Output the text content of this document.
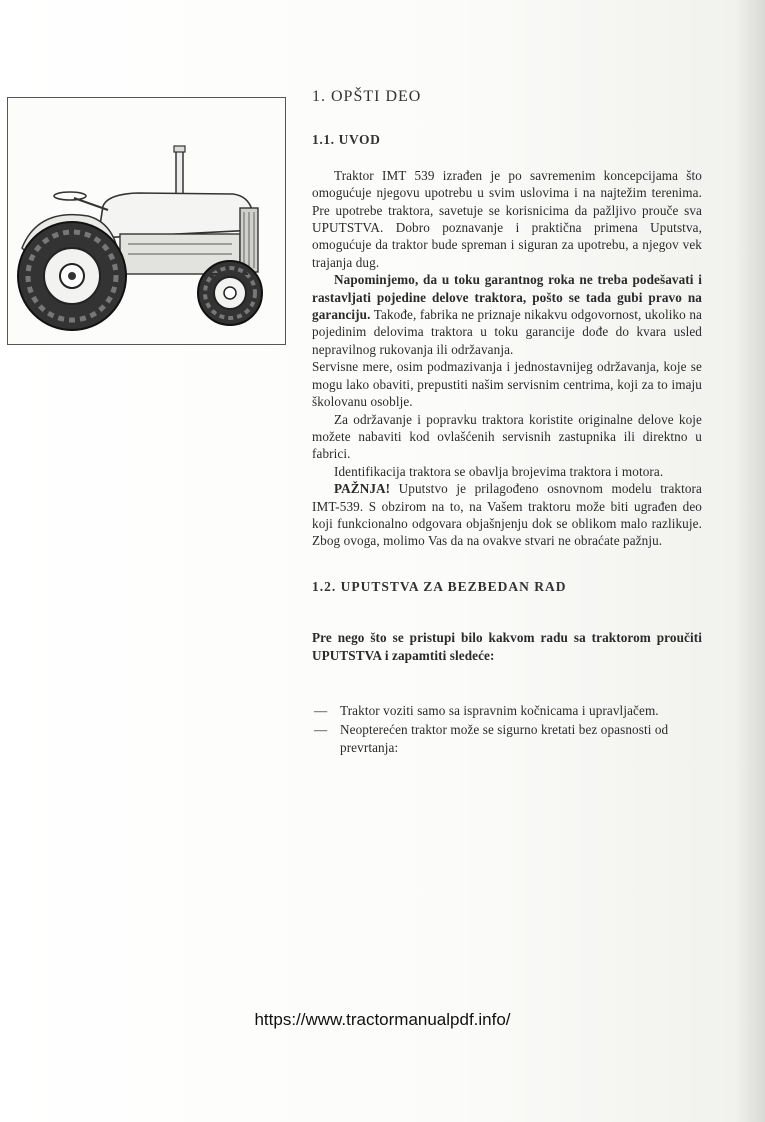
1. OPŠTI DEO
1.1. UVOD

Traktor IMT 539 izrađen je po savremenim koncepcijama što omogućuje njegovu upotrebu u svim uslovima i na najtežim terenima. Pre upotrebe traktora, savetuje se korisnicima da pažljivo prouče sva UPUTSTVA. Dobro poznavanje i praktična primena Uputstva, omogućuje da traktor bude spreman i siguran za upotrebu, a njegov vek trajanja dug.

Napominjemo, da u toku garantnog roka ne treba podešavati i rastavljati pojedine delove traktora, pošto se tada gubi pravo na garanciju. Takođe, fabrika ne priznaje nikakvu odgovornost, ukoliko na pojedinim delovima traktora u toku garancije dođe do kvara usled nepravilnog rukovanja ili održavanja.

Servisne mere, osim podmazivanja i jednostavnijeg održavanja, koje se mogu lako obaviti, prepustiti našim servisnim centrima, koji za to imaju školovanu osoblje.

Za održavanje i popravku traktora koristite originalne delove koje možete nabaviti kod ovlašćenih servisnih zastupnika ili direktno u fabrici.

Identifikacija traktora se obavlja brojevima traktora i motora.

PAŽNJA! Uputstvo je prilagođeno osnovnom modelu traktora IMT-539. S obzirom na to, na Vašem traktoru može biti ugrađen deo koji funkcionalno odgovara objašnjenju dok se oblikom malo razlikuje. Zbog ovoga, molimo Vas da na ovakve stvari ne obraćate pažnju.

1.2. UPUTSTVA ZA BEZBEDAN RAD

Pre nego što se pristupi bilo kakvom radu sa traktorom proučiti UPUTSTVA i zapamtiti sledeće:

— Traktor voziti samo sa ispravnim kočnicama i upravljačem.
— Neopterećen traktor može se sigurno kretati bez opasnosti od prevrtanja:
https://www.tractormanualpdf.info/
